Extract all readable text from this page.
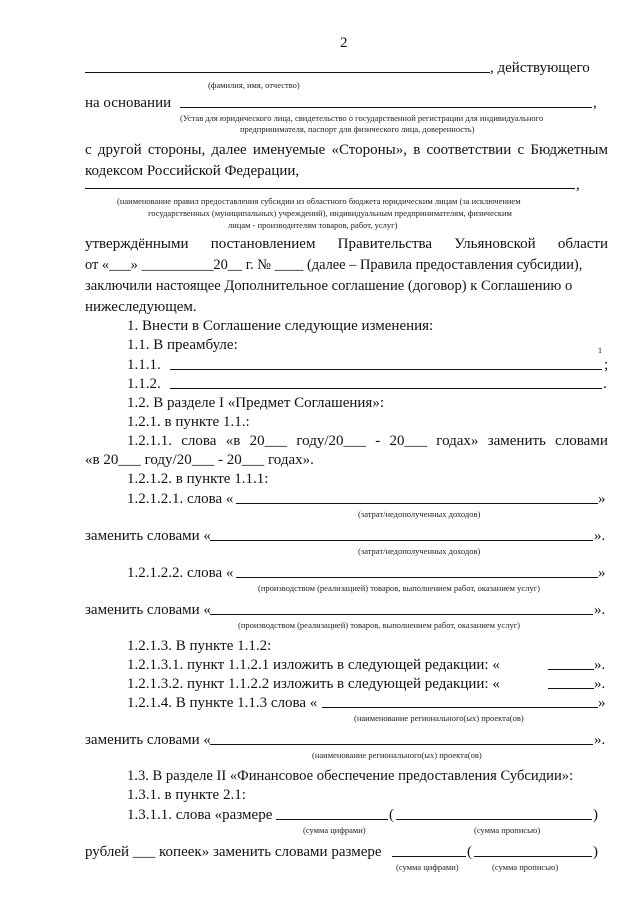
2
, действующего
(фамилия, имя, отчество)
на основании	,
(Устав для юридического лица, свидетельство о государственной регистрации для индивидуального
предпринимателя, паспорт для физического лица, доверенность)
с другой стороны, далее именуемые «Стороны», в соответствии с Бюджетным
кодексом Российской Федерации,
,
(наименование правил предоставления субсидии из областного бюджета юридическим лицам (за исключением
государственных (муниципальных) учреждений), индивидуальным предпринимателям, физическим
лицам - производителям товаров, работ, услуг)
утверждёнными постановлением Правительства Ульяновской области
от «___» __________20__ г. № ____ (далее – Правила предоставления субсидии),
заключили настоящее Дополнительное соглашение (договор) к Соглашению о
нижеследующем.
1. Внести в Соглашение следующие изменения:
1.1. В преамбуле:
1.1.1.
1
;
1.1.2.	.
1.2. В разделе I «Предмет Соглашения»:
1.2.1. в пункте 1.1.:
1.2.1.1. слова «в 20___ году/20___ - 20___ годах» заменить словами
«в 20___ году/20___ - 20___ годах».
1.2.1.2. в пункте 1.1.1:
1.2.1.2.1. слова «	»
(затрат/недополученных доходов)
заменить словами «	».
(затрат/недополученных доходов)
1.2.1.2.2. слова «	»
(производством (реализацией) товаров, выполнением работ, оказанием услуг)
заменить словами «	».
(производством (реализацией) товаров, выполнением работ, оказанием услуг)
1.2.1.3. В пункте 1.1.2:
1.2.1.3.1. пункт 1.1.2.1 изложить в следующей редакции: «	».
1.2.1.3.2. пункт 1.1.2.2 изложить в следующей редакции: «	».
1.2.1.4. В пункте 1.1.3 слова «	»
(наименование регионального(ых) проекта(ов)
заменить словами «	».
(наименование регионального(ых) проекта(ов)
1.3. В разделе II «Финансовое обеспечение предоставления Субсидии»:
1.3.1. в пункте 2.1:
1.3.1.1. слова «размере	(	)
(сумма цифрами)	(сумма прописью)
рублей ___ копеек» заменить словами размере	(	)
(сумма цифрами)	(сумма прописью)
